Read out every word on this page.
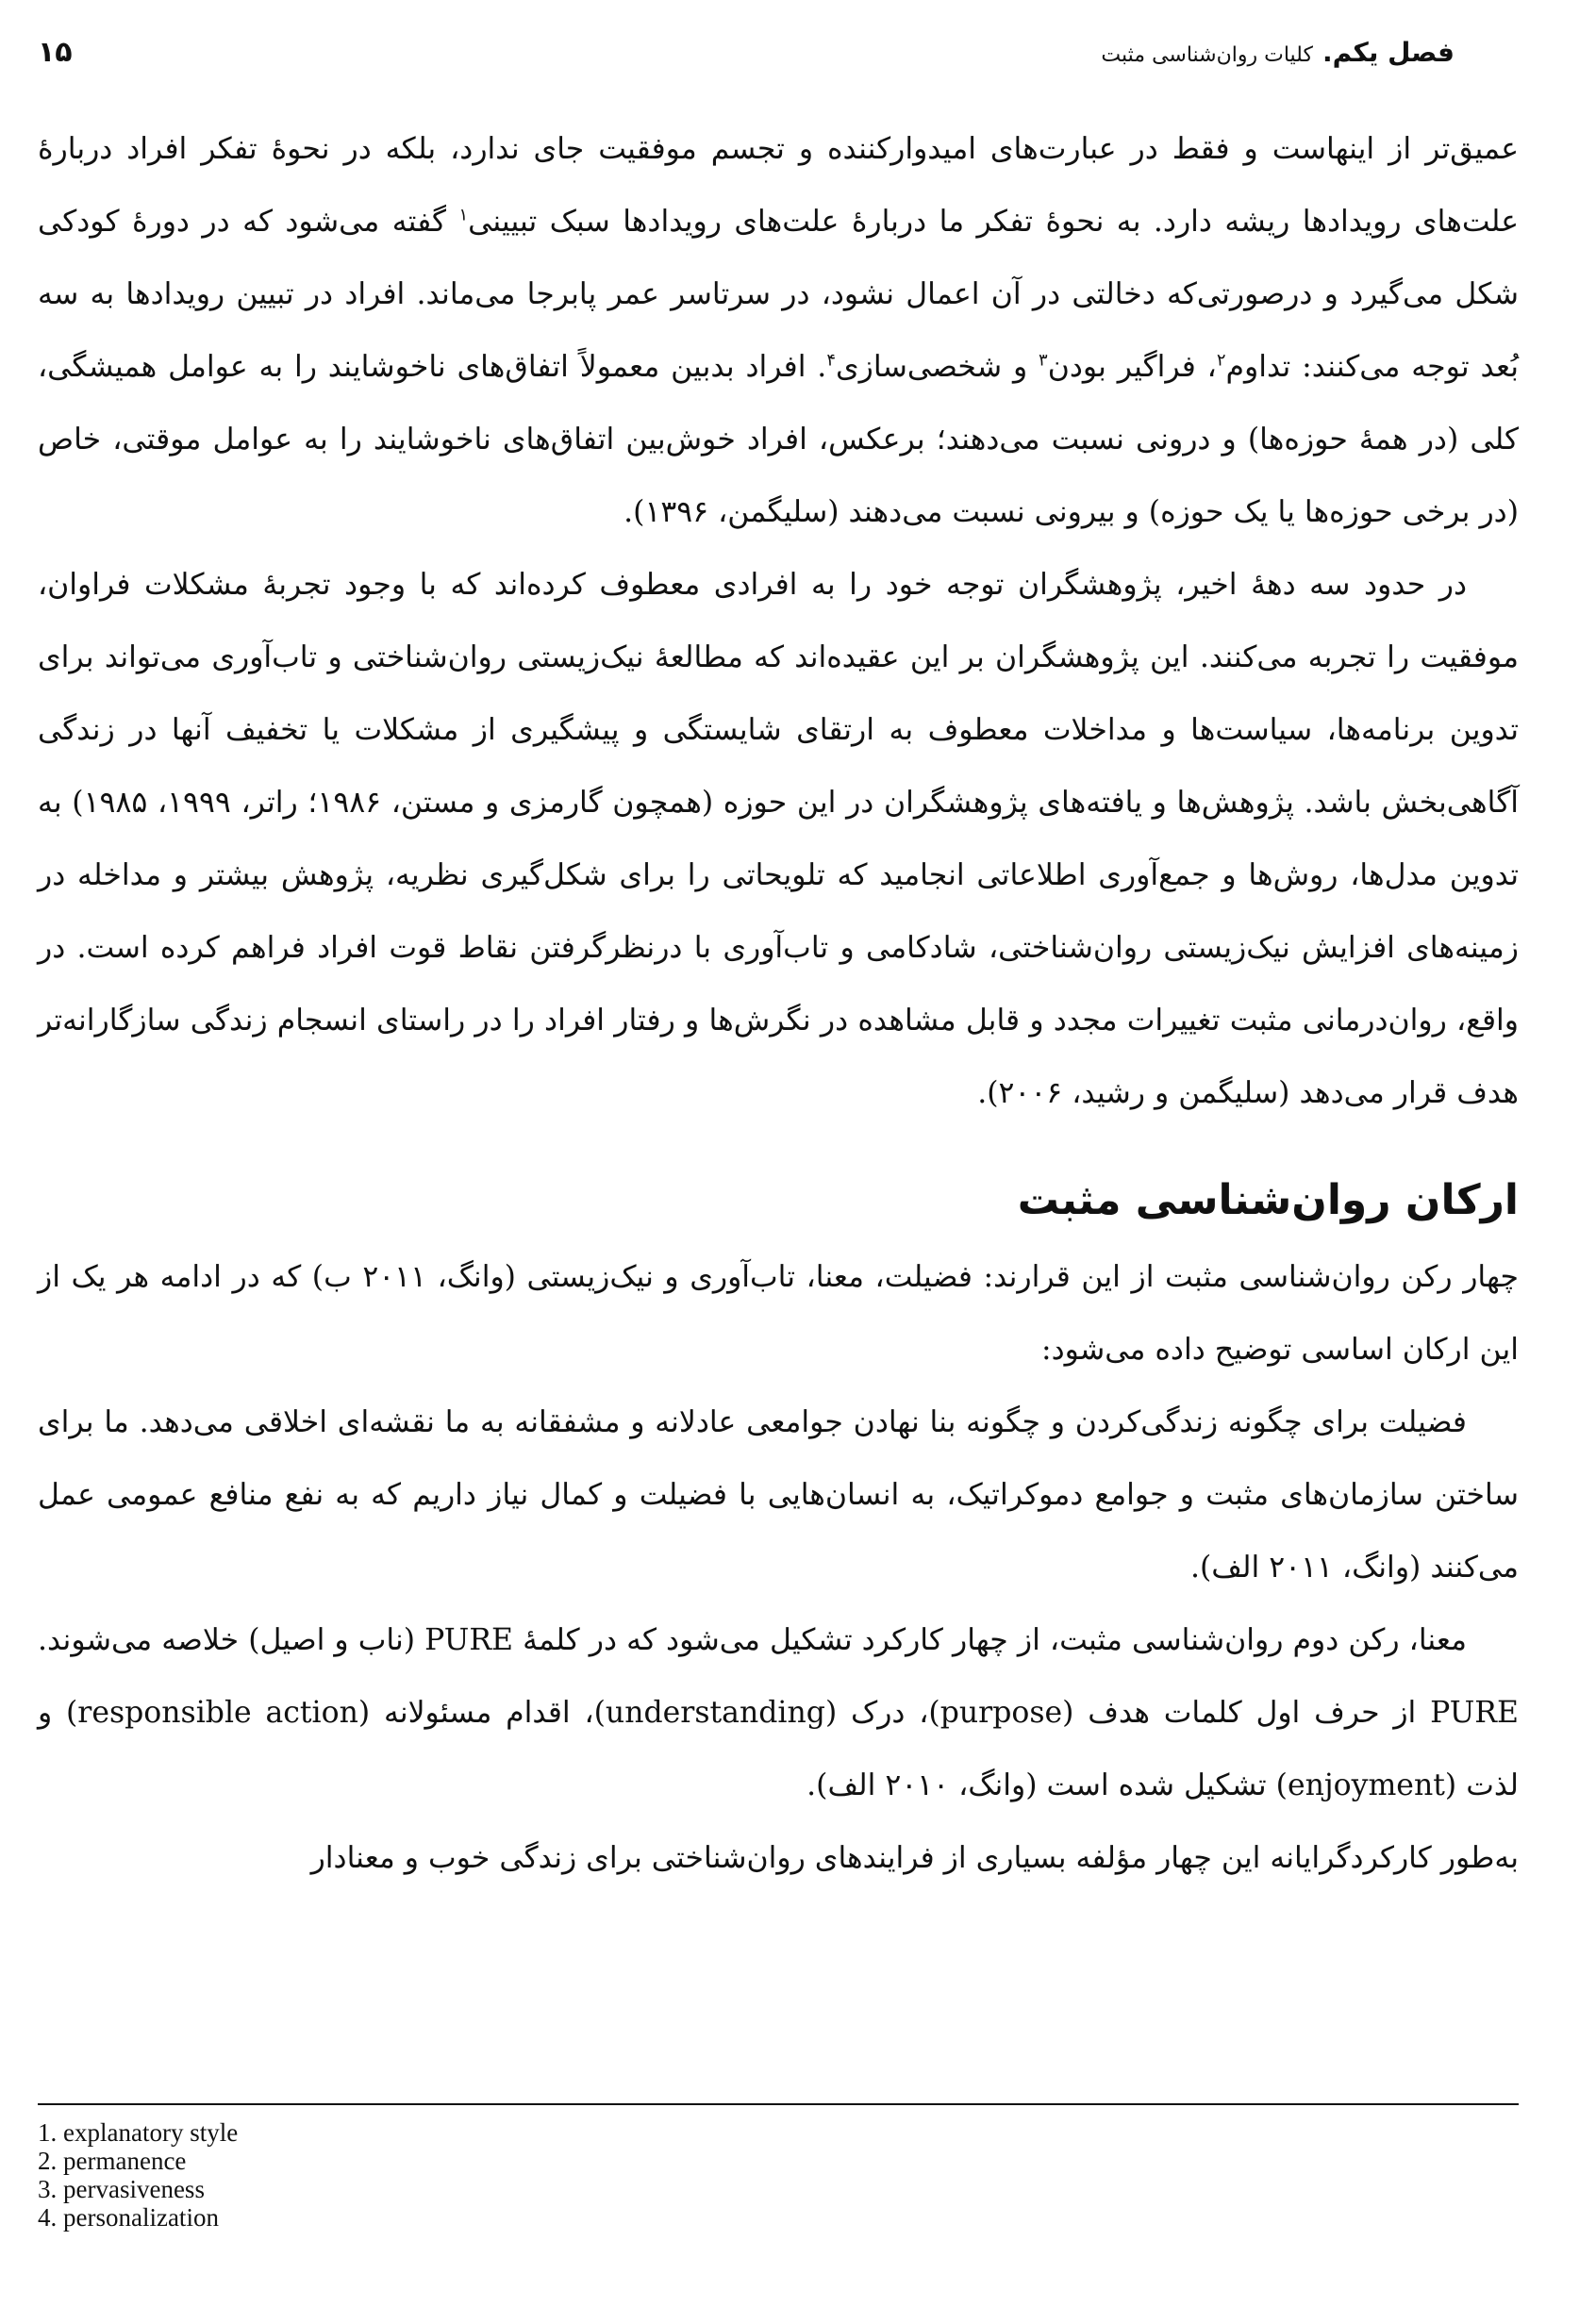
فصل یکم.
کلیات روان‌شناسی مثبت
۱۵

عمیق‌تر از اینهاست و فقط در عبارت‌های امیدوارکننده و تجسم موفقیت جای ندارد، بلکه در نحوۀ تفکر افراد دربارۀ علت‌های رویدادها ریشه دارد. به نحوۀ تفکر ما دربارۀ علت‌های رویدادها سبک تبیینی$^۱$ گفته می‌شود که در دورۀ کودکی شکل می‌گیرد و درصورتی‌که دخالتی در آن اعمال نشود، در سرتاسر عمر پابرجا می‌ماند. افراد در تبیین رویدادها به سه بُعد توجه می‌کنند: تداوم$^۲$، فراگیر بودن$^۳$ و شخصی‌سازی$^۴$. افراد بدبین معمولاً اتفاق‌های ناخوشایند را به عوامل همیشگی، کلی (در همۀ حوزه‌ها) و درونی نسبت می‌دهند؛ برعکس، افراد خوش‌بین اتفاق‌های ناخوشایند را به عوامل موقتی، خاص (در برخی حوزه‌ها یا یک حوزه) و بیرونی نسبت می‌دهند (سلیگمن، ۱۳۹۶).

در حدود سه دهۀ اخیر، پژوهشگران توجه خود را به افرادی معطوف کرده‌اند که با وجود تجربۀ مشکلات فراوان، موفقیت را تجربه می‌کنند. این پژوهشگران بر این عقیده‌اند که مطالعۀ نیک‌زیستی روان‌شناختی و تاب‌آوری می‌تواند برای تدوین برنامه‌ها، سیاست‌ها و مداخلات معطوف به ارتقای شایستگی و پیشگیری از مشکلات یا تخفیف آنها در زندگی آگاهی‌بخش باشد. پژوهش‌ها و یافته‌های پژوهشگران در این حوزه (همچون گارمزی و مستن، ۱۹۸۶؛ راتر، ۱۹۹۹، ۱۹۸۵) به تدوین مدل‌ها، روش‌ها و جمع‌آوری اطلاعاتی انجامید که تلویحاتی را برای شکل‌گیری نظریه، پژوهش بیشتر و مداخله در زمینه‌های افزایش نیک‌زیستی روان‌شناختی، شادکامی و تاب‌آوری با درنظرگرفتن نقاط قوت افراد فراهم کرده است. در واقع، روان‌درمانی مثبت تغییرات مجدد و قابل مشاهده در نگرش‌ها و رفتار افراد را در راستای انسجام زندگی سازگارانه‌تر هدف قرار می‌دهد (سلیگمن و رشید، ۲۰۰۶).

ارکان روان‌شناسی مثبت

چهار رکن روان‌شناسی مثبت از این قرارند: فضیلت، معنا، تاب‌آوری و نیک‌زیستی (وانگ، ۲۰۱۱ ب) که در ادامه هر یک از این ارکان اساسی توضیح داده می‌شود:

فضیلت برای چگونه زندگی‌کردن و چگونه بنا نهادن جوامعی عادلانه و مشفقانه به ما نقشه‌ای اخلاقی می‌دهد. ما برای ساختن سازمان‌های مثبت و جوامع دموکراتیک، به انسان‌هایی با فضیلت و کمال نیاز داریم که به نفع منافع عمومی عمل می‌کنند (وانگ، ۲۰۱۱ الف).

معنا، رکن دوم روان‌شناسی مثبت، از چهار کارکرد تشکیل می‌شود که در کلمۀ PURE (ناب و اصیل) خلاصه می‌شوند. PURE از حرف اول کلمات هدف (purpose)، درک (understanding)، اقدام مسئولانه (responsible action) و لذت (enjoyment) تشکیل شده است (وانگ، ۲۰۱۰ الف).

به‌طور کارکردگرایانه این چهار مؤلفه بسیاری از فرایندهای روان‌شناختی برای زندگی خوب و معنادار

1. explanatory style
2. permanence
3. pervasiveness
4. personalization
